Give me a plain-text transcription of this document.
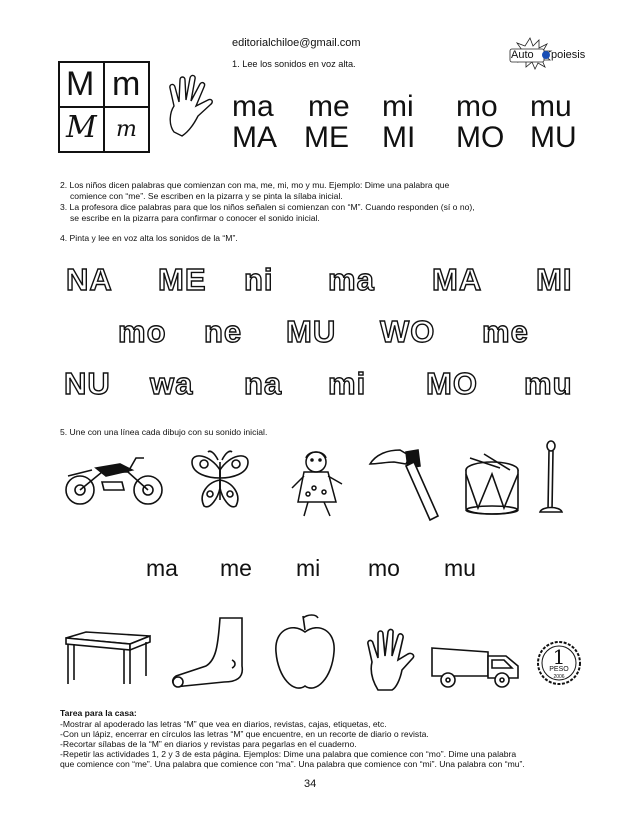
editorialchiloe@gmail.com
1. Lee los sonidos en voz alta.
Auto poiesis
M m
M m
ma me mi mo mu
MA ME MI MO MU
2. Los niños dicen palabras que comienzan con ma, me, mi, mo y mu. Ejemplo: Dime una palabra que
comience con “me”. Se escriben en la pizarra y se pinta la sílaba inicial.
3. La profesora dice palabras para que los niños señalen si comienzan con “M”. Cuando responden (sí o no),
se escribe en la pizarra para confirmar o conocer el sonido inicial.
4. Pinta y lee en voz alta los sonidos de la “M”.
NA ME ni ma MA MI
mo ne MU WO me
NU wa na mi MO mu
5. Une con una línea cada dibujo con su sonido inicial.
ma me mi mo mu
1
PESO
2006
Tarea para la casa:
-Mostrar al apoderado las letras “M” que vea en diarios, revistas, cajas, etiquetas, etc.
-Con un lápiz, encerrar en círculos las letras “M” que encuentre, en un recorte de diario o revista.
-Recortar sílabas de la “M” en diarios y revistas para pegarlas en el cuaderno.
-Repetir las actividades 1, 2 y 3 de esta página. Ejemplos: Dime una palabra que comience con “mo”. Dime una palabra
que comience con “me”. Una palabra que comience con “ma”. Una palabra que comience con “mi”. Una palabra con “mu”.
34
